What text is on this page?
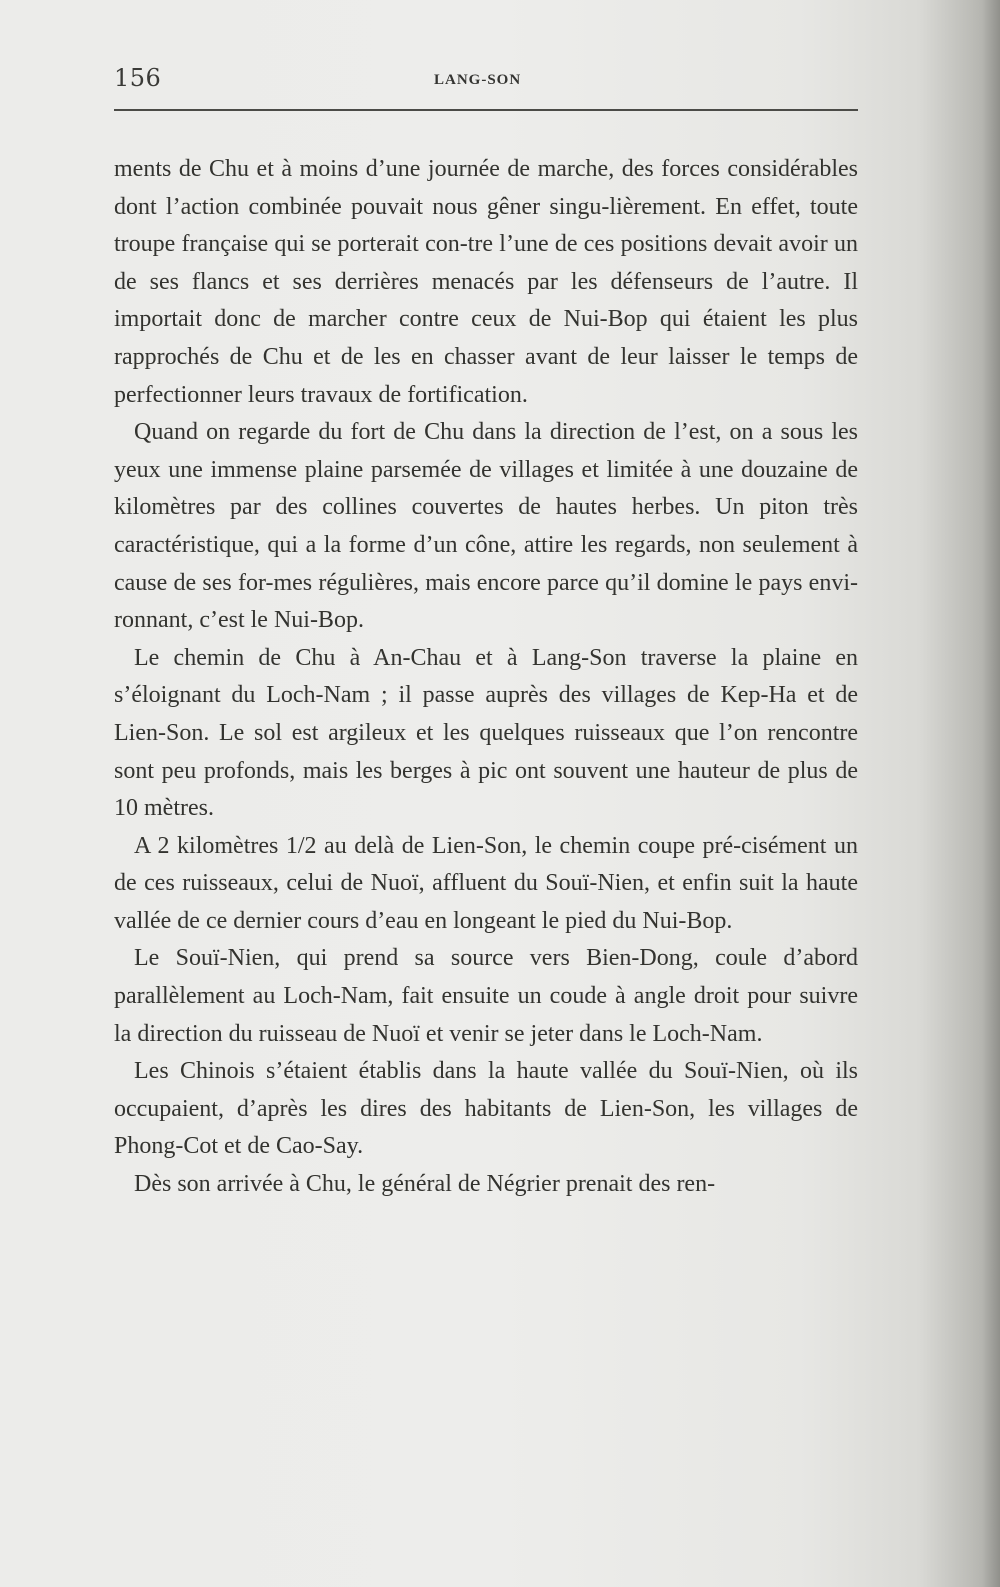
156	LANG-SON

ments de Chu et à moins d’une journée de marche, des forces considérables dont l’action combinée pouvait nous gêner singu-lièrement. En effet, toute troupe française qui se porterait con-tre l’une de ces positions devait avoir un de ses flancs et ses derrières menacés par les défenseurs de l’autre. Il importait donc de marcher contre ceux de Nui-Bop qui étaient les plus rapprochés de Chu et de les en chasser avant de leur laisser le temps de perfectionner leurs travaux de fortification.

Quand on regarde du fort de Chu dans la direction de l’est, on a sous les yeux une immense plaine parsemée de villages et limitée à une douzaine de kilomètres par des collines couvertes de hautes herbes. Un piton très caractéristique, qui a la forme d’un cône, attire les regards, non seulement à cause de ses for-mes régulières, mais encore parce qu’il domine le pays envi-ronnant, c’est le Nui-Bop.

Le chemin de Chu à An-Chau et à Lang-Son traverse la plaine en s’éloignant du Loch-Nam ; il passe auprès des villages de Kep-Ha et de Lien-Son. Le sol est argileux et les quelques ruisseaux que l’on rencontre sont peu profonds, mais les berges à pic ont souvent une hauteur de plus de 10 mètres.

A 2 kilomètres 1/2 au delà de Lien-Son, le chemin coupe pré-cisément un de ces ruisseaux, celui de Nuoï, affluent du Souï-Nien, et enfin suit la haute vallée de ce dernier cours d’eau en longeant le pied du Nui-Bop.

Le Souï-Nien, qui prend sa source vers Bien-Dong, coule d’abord parallèlement au Loch-Nam, fait ensuite un coude à angle droit pour suivre la direction du ruisseau de Nuoï et venir se jeter dans le Loch-Nam.

Les Chinois s’étaient établis dans la haute vallée du Souï-Nien, où ils occupaient, d’après les dires des habitants de Lien-Son, les villages de Phong-Cot et de Cao-Say.

Dès son arrivée à Chu, le général de Négrier prenait des ren-
